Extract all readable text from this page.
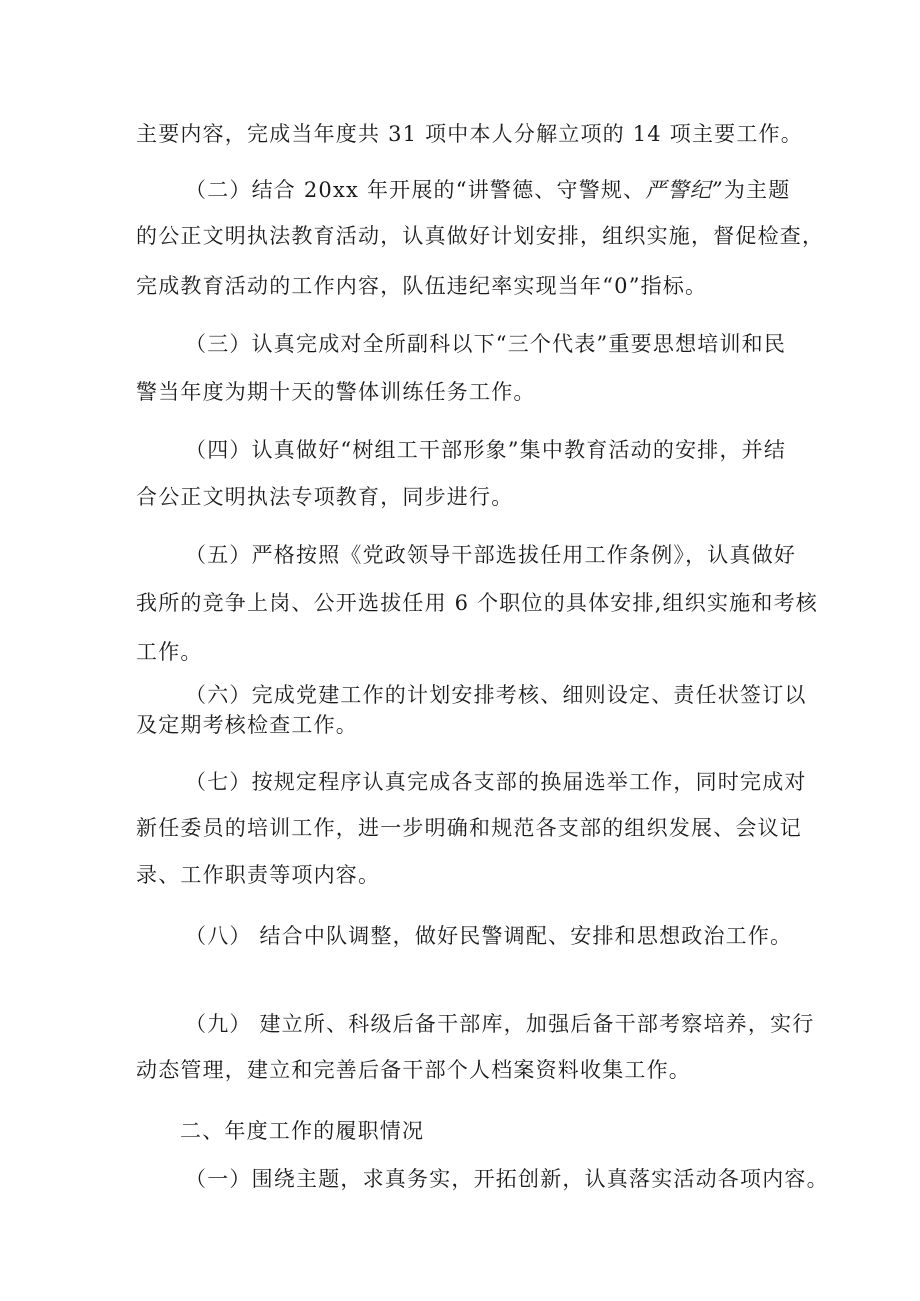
主要内容，完成当年度共 31 项中本人分解立项的 14 项主要工作。
（二）结合 20xx 年开展的“讲警德、守警规、严警纪”为主题
的公正文明执法教育活动，认真做好计划安排，组织实施，督促检查，
完成教育活动的工作内容，队伍违纪率实现当年“0”指标。
（三）认真完成对全所副科以下“三个代表”重要思想培训和民
警当年度为期十天的警体训练任务工作。
（四）认真做好“树组工干部形象”集中教育活动的安排，并结
合公正文明执法专项教育，同步进行。
（五）严格按照《党政领导干部选拔任用工作条例》，认真做好
我所的竞争上岗、公开选拔任用 6 个职位的具体安排,组织实施和考核
工作。
（六）完成党建工作的计划安排考核、细则设定、责任状签订以
及定期考核检查工作。
（七）按规定程序认真完成各支部的换届选举工作，同时完成对
新任委员的培训工作，进一步明确和规范各支部的组织发展、会议记
录、工作职责等项内容。
（八） 结合中队调整，做好民警调配、安排和思想政治工作。
（九） 建立所、科级后备干部库，加强后备干部考察培养，实行
动态管理，建立和完善后备干部个人档案资料收集工作。
二、年度工作的履职情况
（一）围绕主题，求真务实，开拓创新，认真落实活动各项内容。
